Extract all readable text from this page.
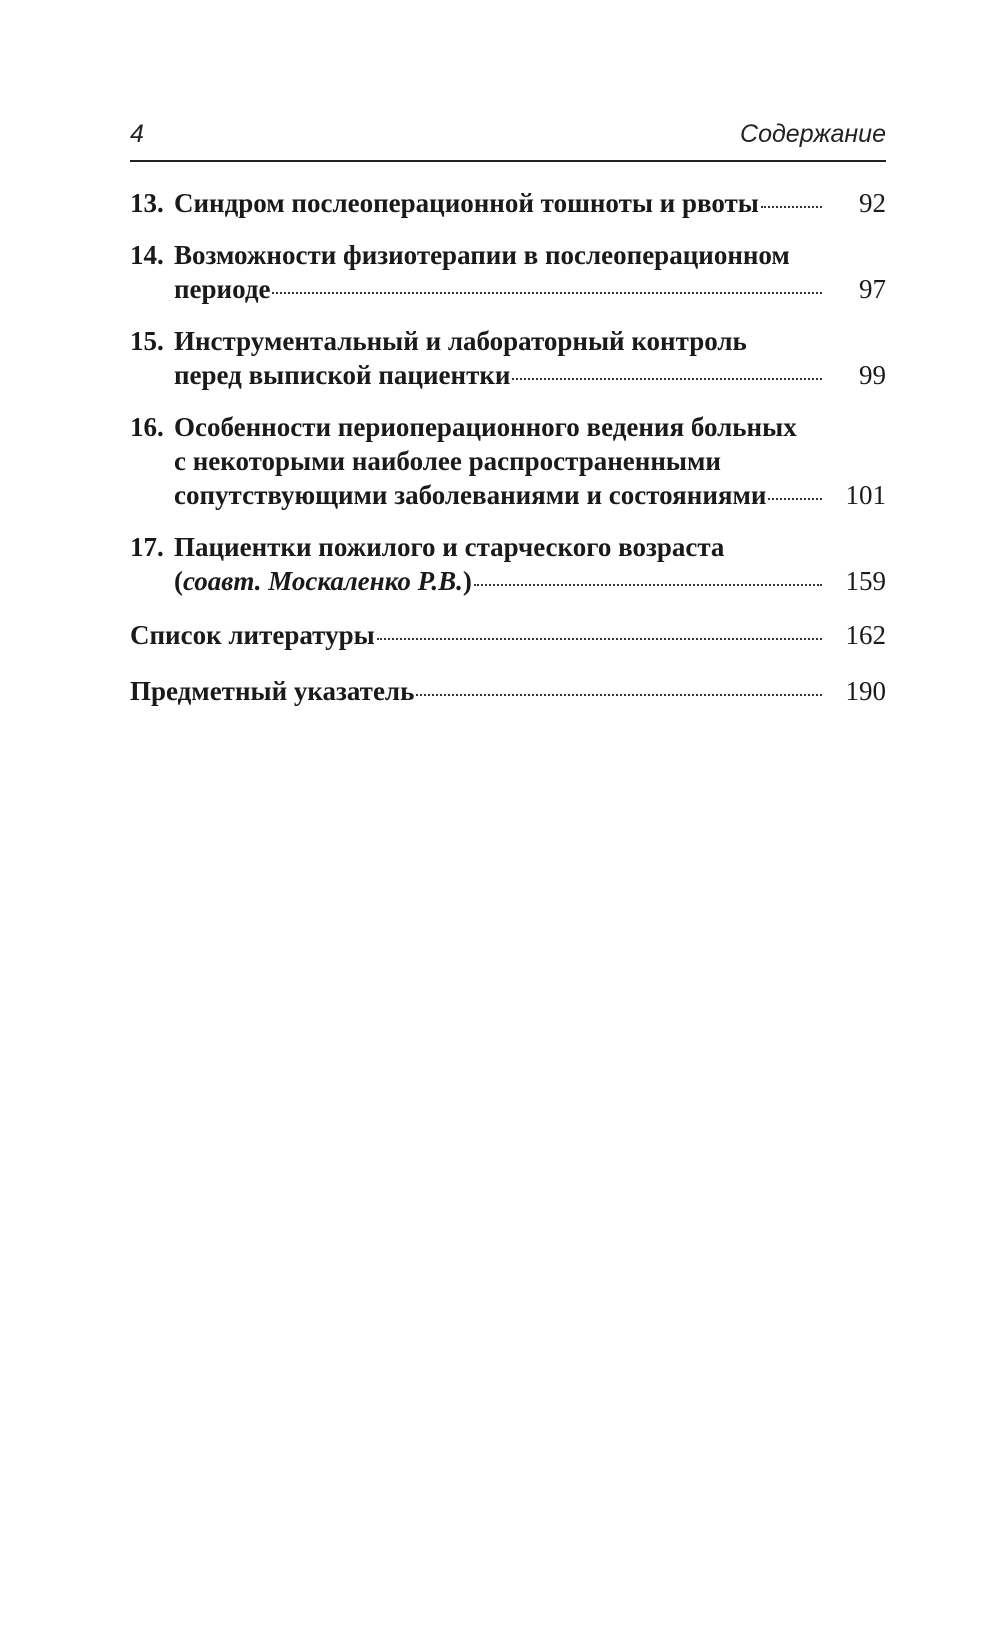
4	Содержание
13. Синдром послеоперационной тошноты и рвоты	92
14. Возможности физиотерапии в послеоперационном
периоде	97
15. Инструментальный и лабораторный контроль
перед выпиской пациентки	99
16. Особенности периоперационного ведения больных
с некоторыми наиболее распространенными
сопутствующими заболеваниями и состояниями	101
17. Пациентки пожилого и старческого возраста
( соавт. Москаленко Р.В. )	159
Список литературы	162
Предметный указатель	190
